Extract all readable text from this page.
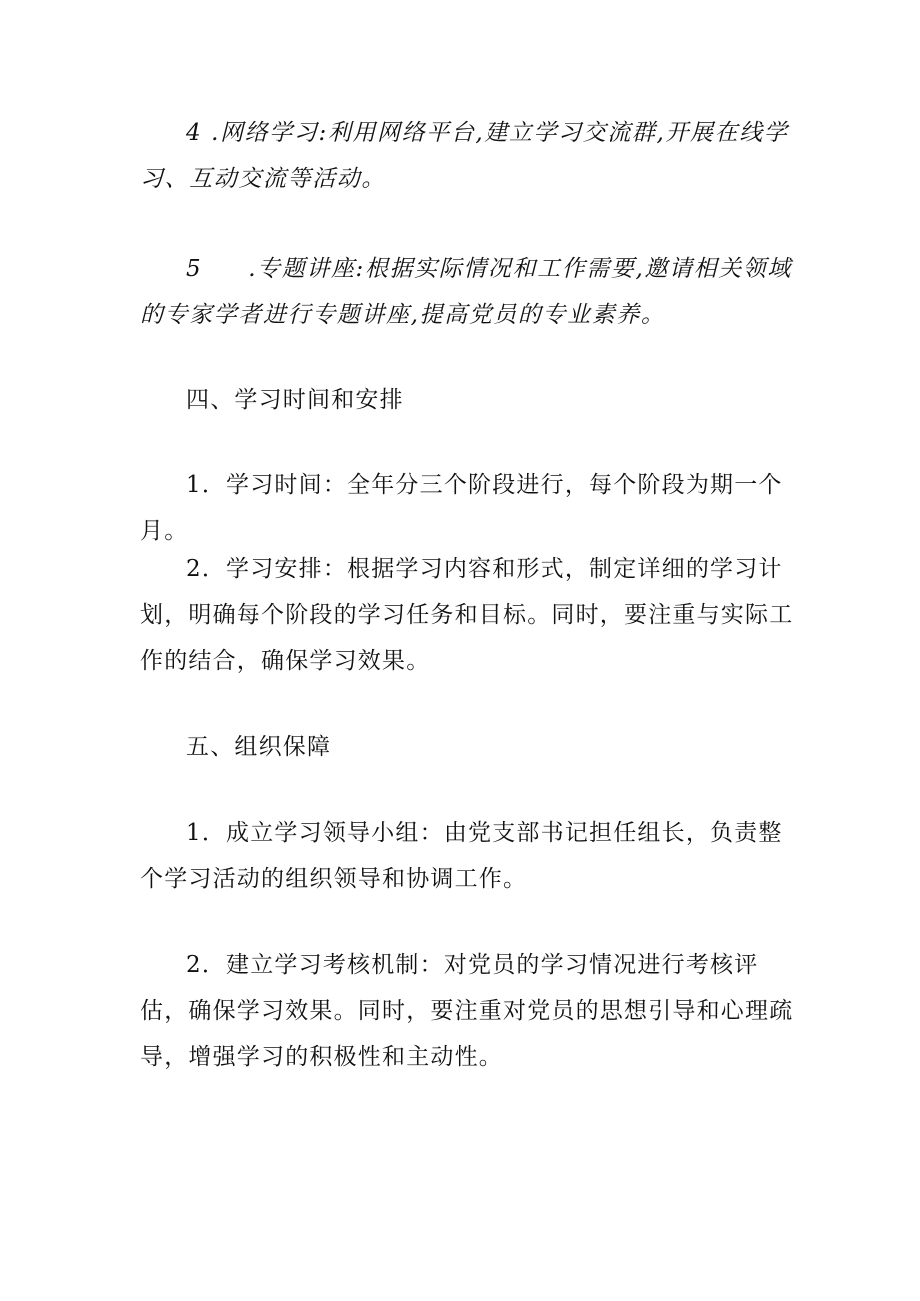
4 .网络学习:利用网络平台,建立学习交流群,开展在线学习、互动交流等活动。

5 .专题讲座:根据实际情况和工作需要,邀请相关领域的专家学者进行专题讲座,提高党员的专业素养。

四、学习时间和安排

1．学习时间：全年分三个阶段进行，每个阶段为期一个月。

2．学习安排：根据学习内容和形式，制定详细的学习计划，明确每个阶段的学习任务和目标。同时，要注重与实际工作的结合，确保学习效果。

五、组织保障

1．成立学习领导小组：由党支部书记担任组长，负责整个学习活动的组织领导和协调工作。

2．建立学习考核机制：对党员的学习情况进行考核评估，确保学习效果。同时，要注重对党员的思想引导和心理疏导，增强学习的积极性和主动性。
